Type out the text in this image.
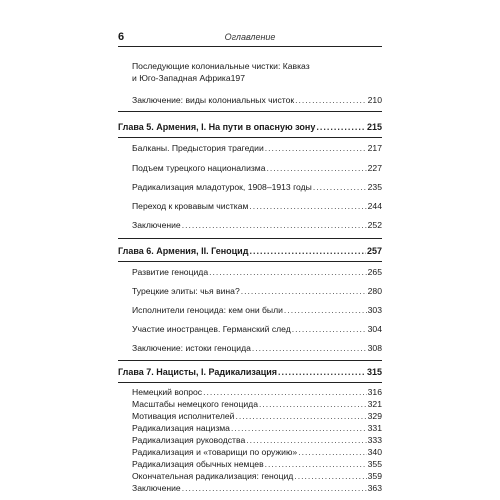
6	Оглавление
Последующие колониальные чистки: Кавказ
и Юго-Западная Африка 197
Заключение: виды колониальных чисток .....	210
Глава 5. Армения, I. На пути в опасную зону .....	215
Балканы. Предыстория трагедии .....	217
Подъем турецкого национализма .....	227
Радикализация младотурок, 1908–1913 годы .....	235
Переход к кровавым чисткам .....	244
Заключение .....	252
Глава 6. Армения, II. Геноцид .....	257
Развитие геноцида .....	265
Турецкие элиты: чья вина? .....	280
Исполнители геноцида: кем они были .....	303
Участие иностранцев. Германский след .....	304
Заключение: истоки геноцида .....	308
Глава 7. Нацисты, I. Радикализация .....	315
Немецкий вопрос .....	316
Масштабы немецкого геноцида .....	321
Мотивация исполнителей .....	329
Радикализация нацизма .....	331
Радикализация руководства .....	333
Радикализация и «товарищи по оружию» .....	340
Радикализация обычных немцев .....	355
Окончательная радикализация: геноцид .....	359
Заключение .....	363
